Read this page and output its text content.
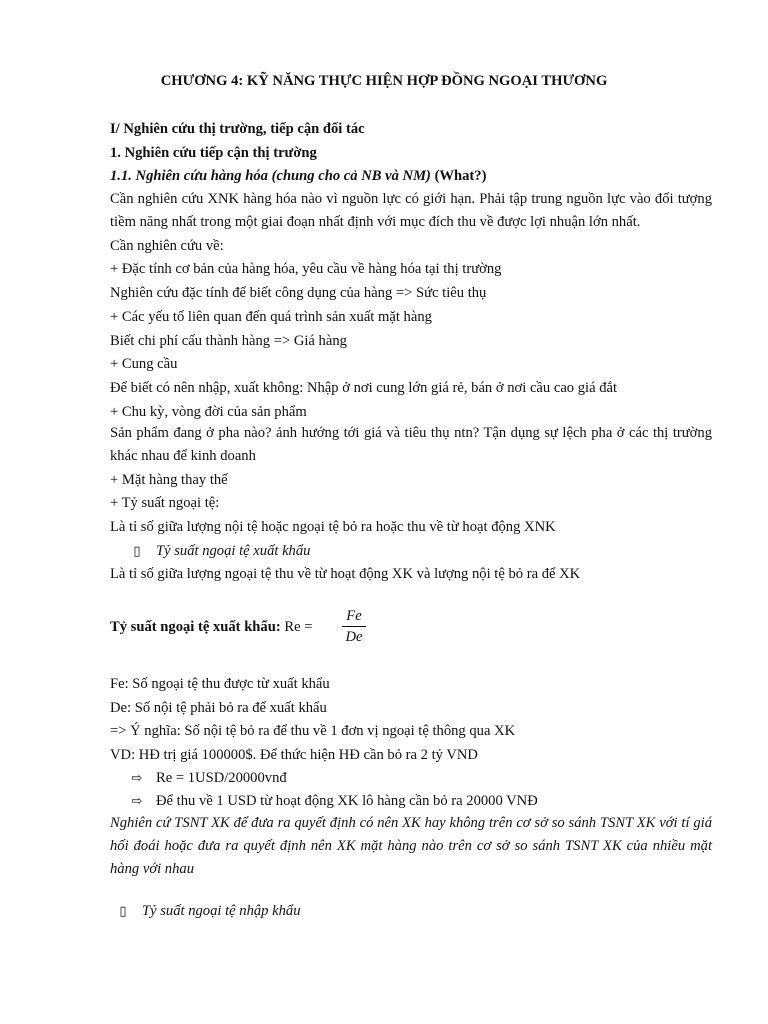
CHƯƠNG 4: KỸ NĂNG THỰC HIỆN HỢP ĐỒNG NGOẠI THƯƠNG
I/ Nghiên cứu thị trường, tiếp cận đối tác
1. Nghiên cứu tiếp cận thị trường
1.1. Nghiên cứu hàng hóa (chung cho cả NB và NM) (What?)
Cần nghiên cứu XNK hàng hóa nào vì nguồn lực có giới hạn. Phải tập trung nguồn lực vào đối tượng tiềm năng nhất trong một giai đoạn nhất định với mục đích thu về được lợi nhuận lớn nhất.
Cần nghiên cứu về:
+ Đặc tính cơ bản của hàng hóa, yêu cầu về hàng hóa tại thị trường
Nghiên cứu đặc tính để biết công dụng của hàng => Sức tiêu thụ
+ Các yếu tố liên quan đến quá trình sản xuất mặt hàng
Biết chi phí cấu thành hàng => Giá hàng
+ Cung cầu
Để biết có nên nhập, xuất không: Nhập ở nơi cung lớn giá rẻ, bán ở nơi cầu cao giá đắt
+ Chu kỳ, vòng đời của sản phẩm
Sản phẩm đang ở pha nào? ảnh hướng tới giá và tiêu thụ ntn? Tận dụng sự lệch pha ở các thị trường khác nhau để kinh doanh
+ Mặt hàng thay thế
+ Tỷ suất ngoại tệ:
Là tỉ số giữa lượng nội tệ hoặc ngoại tệ bỏ ra hoặc thu về từ hoạt động XNK
▯ Tỷ suất ngoại tệ xuất khẩu
Là tỉ số giữa lượng ngoại tệ thu về từ hoạt động XK và lượng nội tệ bỏ ra để XK
Tỷ suất ngoại tệ xuất khẩu: Re =
Fe
De
Fe: Số ngoại tệ thu được từ xuất khẩu
De: Số nội tệ phải bỏ ra để xuất khẩu
=> Ý nghĩa: Số nội tệ bỏ ra để thu về 1 đơn vị ngoại tệ thông qua XK
VD: HĐ trị giá 100000$. Để thức hiện HĐ cần bỏ ra 2 tỷ VND
⇨ Re = 1USD/20000vnđ
⇨ Để thu về 1 USD từ hoạt động XK lô hàng cần bỏ ra 20000 VNĐ
Nghiên cứ TSNT XK để đưa ra quyết định có nên XK hay không trên cơ sở so sánh TSNT XK với tí giá hối đoái hoặc đưa ra quyết định nên XK mặt hàng nào trên cơ sở so sánh TSNT XK của nhiều mặt hàng với nhau
▯ Tỷ suất ngoại tệ nhập khẩu
